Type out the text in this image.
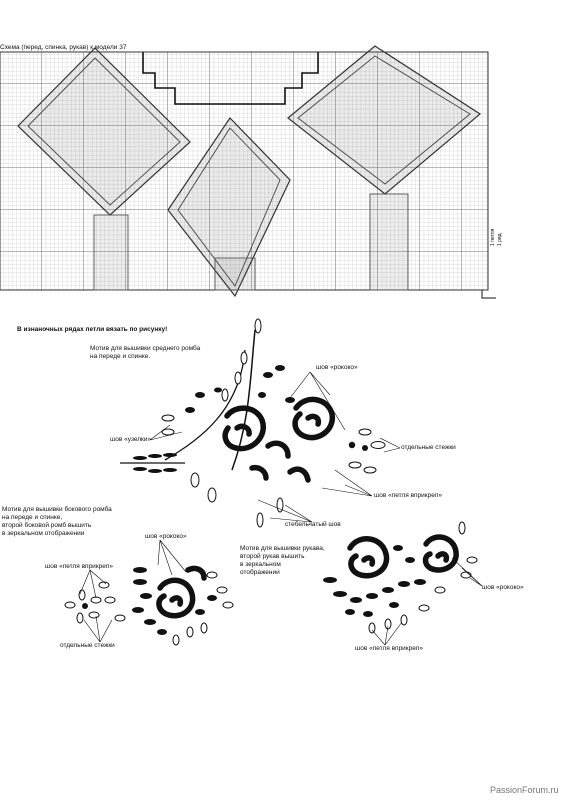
Схема (перед, спинка, рукав) к модели 37
1 петля 1 ряд
В изнаночных рядах петли вязать по рисунку!
Мотив для вышивки среднего ромба
на переде и спинке.
Мотив для вышивки бокового ромба
на переде и спинке,
второй боковой ромб вышить
в зеркальном отображении
Мотив для вышивки рукава,
второй рукав вышить
в зеркальном
отображении
шов «рококо»
шов «узелки»
отдельные стежки
шов «петля вприкреп»
стебельчатый шов
шов «рококо»
шов «петля вприкреп»
отдельные стежки
шов «рококо»
шов «петля вприкреп»
PassionForum.ru
